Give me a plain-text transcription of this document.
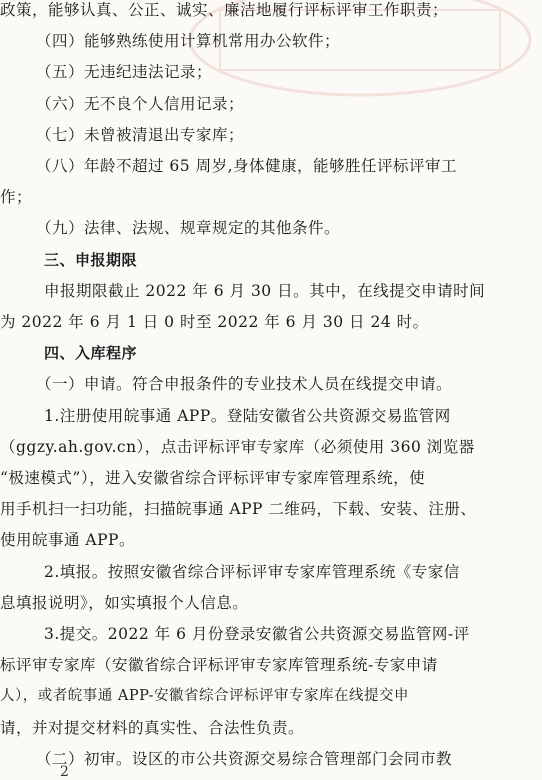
政策，能够认真、公正、诚实、廉洁地履行评标评审工作职责；
（四）能够熟练使用计算机常用办公软件；
（五）无违纪违法记录；
（六）无不良个人信用记录；
（七）未曾被清退出专家库；
（八）年龄不超过 65 周岁,身体健康，能够胜任评标评审工
作；
（九）法律、法规、规章规定的其他条件。
三、申报期限
申报期限截止 2022 年 6 月 30 日。其中，在线提交申请时间
为 2022 年 6 月 1 日 0 时至 2022 年 6 月 30 日 24 时。
四、入库程序
（一）申请。符合申报条件的专业技术人员在线提交申请。
1.注册使用皖事通 APP。登陆安徽省公共资源交易监管网
（ggzy.ah.gov.cn），点击评标评审专家库（必须使用 360 浏览器
“极速模式”），进入安徽省综合评标评审专家库管理系统，使
用手机扫一扫功能，扫描皖事通 APP 二维码，下载、安装、注册、
使用皖事通 APP。
2.填报。按照安徽省综合评标评审专家库管理系统《专家信
息填报说明》，如实填报个人信息。
3.提交。2022 年 6 月份登录安徽省公共资源交易监管网-评
标评审专家库（安徽省综合评标评审专家库管理系统-专家申请
人），或者皖事通 APP-安徽省综合评标评审专家库在线提交申
请，并对提交材料的真实性、合法性负责。
（二）初审。设区的市公共资源交易综合管理部门会同市教
2
